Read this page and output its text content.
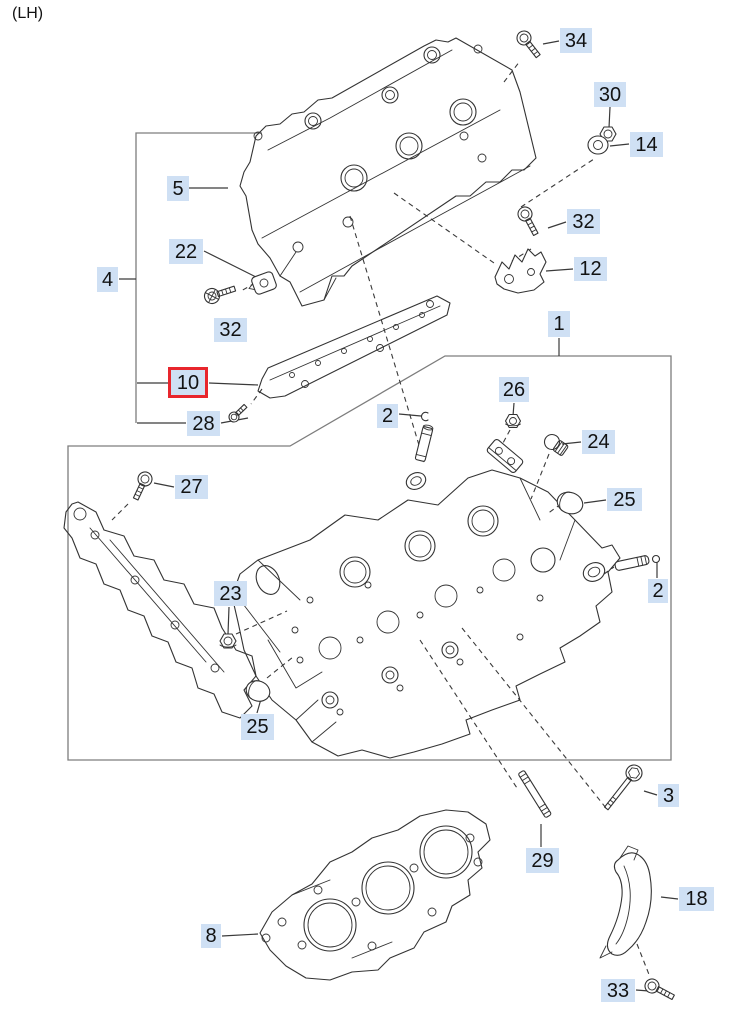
(LH)
34
30
14
32
5
22
4
32
12
1
10	26
2
28
24
27
25
23	2
25
3
29
8
18
33
